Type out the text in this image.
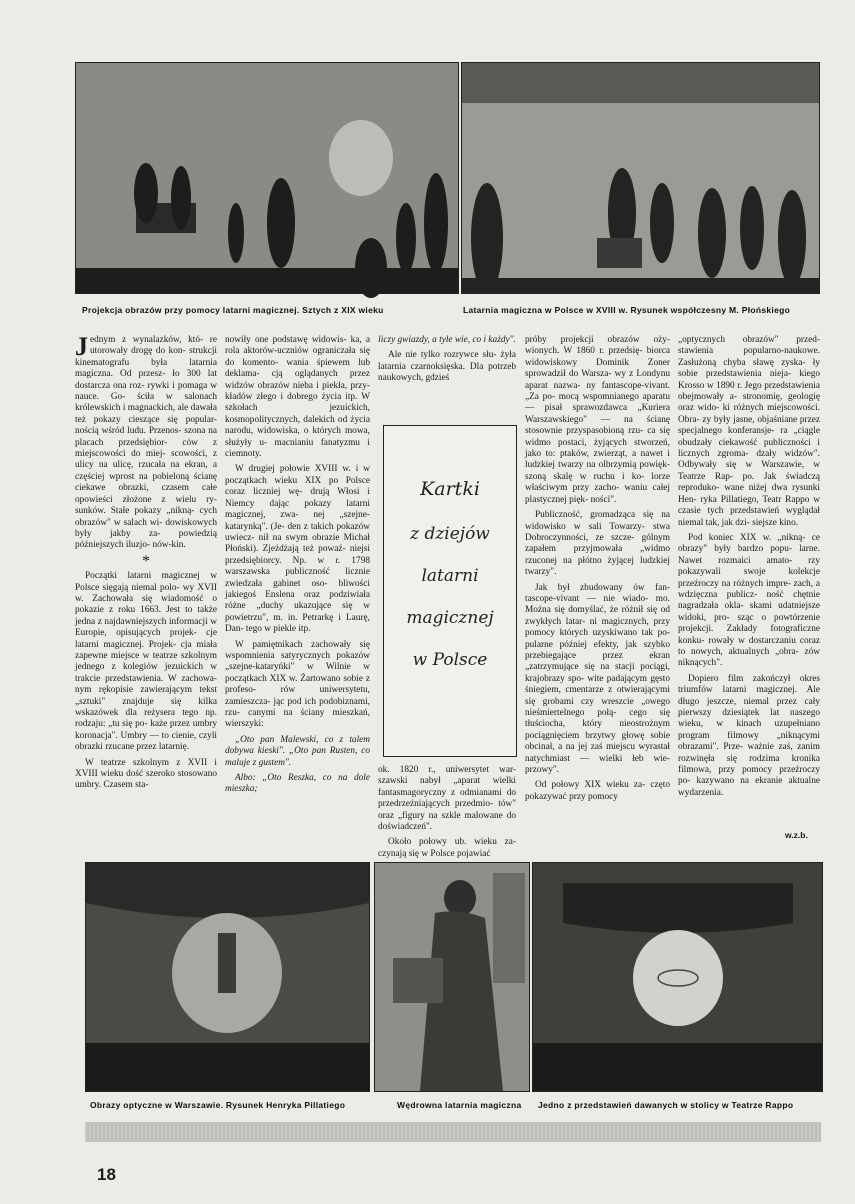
Projekcja obrazów przy pomocy latarni magicznej. Sztych z XIX wieku	Latarnia magiczna w Polsce w XVIII w. Rysunek współczesny M. Płońskiego

Jednym z wynalazków, któ- re utorowały drogę do kon- strukcji kinematografu była latarnia magiczna. Od przesz- ło 300 lat dostarcza ona roz- rywki i pomaga w nauce. Go- ściła w salonach królewskich i magnackich, ale dawała też pokazy cieszące się popular- nością wśród ludu. Przenos- szona na placach przedsiębior- ców z miejscowości do miej- scowości, z ulicy na ulicę, rzucała na ekran, a częściej wprost na pobieloną ścianę ciekawe obrazki, czasem całe opowieści złożone z wielu ry- sunków. Stałe pokazy „nikną- cych obrazów" w salach wi- dowiskowych były jakby za- powiedzią późniejszych iluzjo- nów-kin.

*

Początki latarni magicznej w Polsce sięgają niemal polo- wy XVII w. Zachowała się wiadomość o pokazie z roku 1663. Jest to także jedna z najdawniejszych informacji w Europie, opisujących projek- cje latarni magicznej. Projek- cja miała zapewne miejsce w teatrze szkolnym jednego z kolegiów jezuickich w trakcie przedstawienia. W zachowa- nym rękopisie zawierającym tekst „sztuki" znajduje się kilka wskazówek dla reżysera tego np. rodzaju: „tu się po- każe przez umbry koronacja". Umbry — to cienie, czyli obrazki rzucane przez latarnię.

W teatrze szkolnym z XVII i XVIII wieku dość szeroko stosowano umbry. Czasem sta-

nowiły one podstawę widowis- ka, a rola aktorów-uczniów ograniczała się do komento- wania śpiewem lub deklama- cją oglądanych przez widzów obrazów nieba i piekła, przy- kładów złego i dobrego życia itp. W szkołach jezuickich, kosmopolitycznych, dalekich od życia narodu, widowiska, o których mowa, służyły u- macnianiu fanatyzmu i ciemnoty.

W drugiej połowie XVIII w. i w początkach wieku XIX po Polsce coraz liczniej wę- drują Włosi i Niemcy dając pokazy latarni magicznej, zwa- nej „szejne-katarynką". (Je- den z takich pokazów uwiecz- nił na swym obrazie Michał Płoński). Zjeżdżają też powaź- niejsi przedsiębiorcy. Np. w r. 1798 warszawska publiczność licznie zwiedzała gabinet oso- bliwości jakiegoś Enslena oraz podziwiała różne „duchy ukazujące się w powietrzu", m. in. Petrarkę i Laurę, Dan- tego w piekle itp.

W pamiętnikach zachowały się wspomnienia satyrycznych pokazów „szejne-kataryńki" w Wilnie w początkach XIX w. Żartowano sobie z profeso- rów uniwersytetu, zamieszcza- jąc pod ich podobiznami, rzu- canymi na ściany mieszkań, wierszyki:

„Oto pan Malewski, co z talem dobywa kieski". „Oto pan Rusten, co maluje z gustem".

Albo: „Oto Reszka, co na dole mieszka;

liczy gwiazdy, a tyle wie, co i każdy".

Ale nie tylko rozrywce słu- żyła latarnia czarnoksięska. Dla potrzeb naukowych, gdzieś

Kartki
z dziejów
latarni
magicznej
w Polsce

ok. 1820 r., uniwersytet war- szawski nabył „aparat wielki fantasmagoryczny z odmianami do przedrzeźniających przedmio- tów" oraz „figury na szkle malowane do doświadczeń".

Około połowy ub. wieku za- czynają się w Polsce pojawiać

próby projekcji obrazów oży- wionych. W 1860 r. przedsię- biorca widowiskowy Dominik Zoner sprowadził do Warsza- wy z Londynu aparat nazwa- ny fantascope-vivant. „Za po- mocą wspomnianego aparatu— pisał sprawozdawca „Kuriera Warszawskiego" — na ścianę stosownie przyspasobioną rzu- ca się widmo postaci, żyjących stworzeń, jako to: ptaków, zwierząt, a nawet i ludzkiej twarzy na olbrzymią powięk- szoną skalę w ruchu i ko- lorze właściwym przy zacho- waniu całej plastycznej pięk- ności".

Publiczność, gromadząca się na widowisko w sali Towarzy- stwa Dobroczynności, ze szcze- gólnym zapałem przyjmowała „widmo rzuconej na płótno żyjącej ludzkiej twarzy".

Jak był zbudowany ów fan- tascope-vivant — nie wiado- mo. Można się domyślać, że różnił się od zwykłych latar- ni magicznych, przy pomocy których uzyskiwano tak po- pularne później efekty, jak szybko przebiegające przez ekran „zatrzymujące się na stacji pociągi, krajobrazy spo- wite padającym gęsto śniegiem, cmentarze z otwierającymi się grobami czy wreszcie „owego nieśmiertelnego połą- cego się tłuściocha, który nieostrożnym pociągnięciem brzytwy głowę sobie obcinał, a na jej zaś miejscu wyrastał natychmiast — wielki łeb wie- przowy".

Od połowy XIX wieku za- częto pokazywać przy pomocy

„optycznych obrazów" przed- stawienia popularno-naukowe. Zasłużoną chyba sławę zyska- ły sobie przedstawienia nieja- kiego Krosso w 1890 r. Jego przedstawienia obejmowały a- stronomię, geologię oraz wido- ki różnych miejscowości. Obra- zy były jasne, objaśniane przez specjalnego konferansje- ra „ciągle obudzały ciekawość publiczności i licznych zgroma- dzały widzów". Odbywały się w Warszawie, w Teatrze Rap- po. Jak świadczą reproduko- wane niżej dwa rysunki Hen- ryka Pillatiego, Teatr Rappo w czasie tych przedstawień wyglądał niemal tak, jak dzi- siejsze kino.

Pod koniec XIX w. „nikną- ce obrazy" były bardzo popu- larne. Nawet rozmaici amato- rzy pokazywali swoje kolekcje przeźroczy na różnych impre- zach, a wdzięczna publicz- ność chętnie nagradzała okla- skami udatniejsze widoki, pro- sząc o powtórzenie projekcji. Zakłady fotograficzne konku- rowały w dostarczaniu coraz to nowych, aktualnych „obra- zów niknących".

Dopiero film zakończył okres triumfów latarni magicznej. Ale długo jeszcze, niemal przez cały pierwszy dziesiątek lat naszego wieku, w kinach uzupełniano program filmowy „niknącymi obrazami". Prze- ważnie zaś, zanim rozwinęła się rodzima kronika filmowa, przy pomocy przeźroczy po- kazywano na ekranie aktualne wydarzenia.

w.z.b.
Obrazy optyczne w Warszawie. Rysunek Henryka Pillatiego	Wędrowna latarnia magiczna Jedno z przedstawień dawanych w stolicy w Teatrze Rappo
18
